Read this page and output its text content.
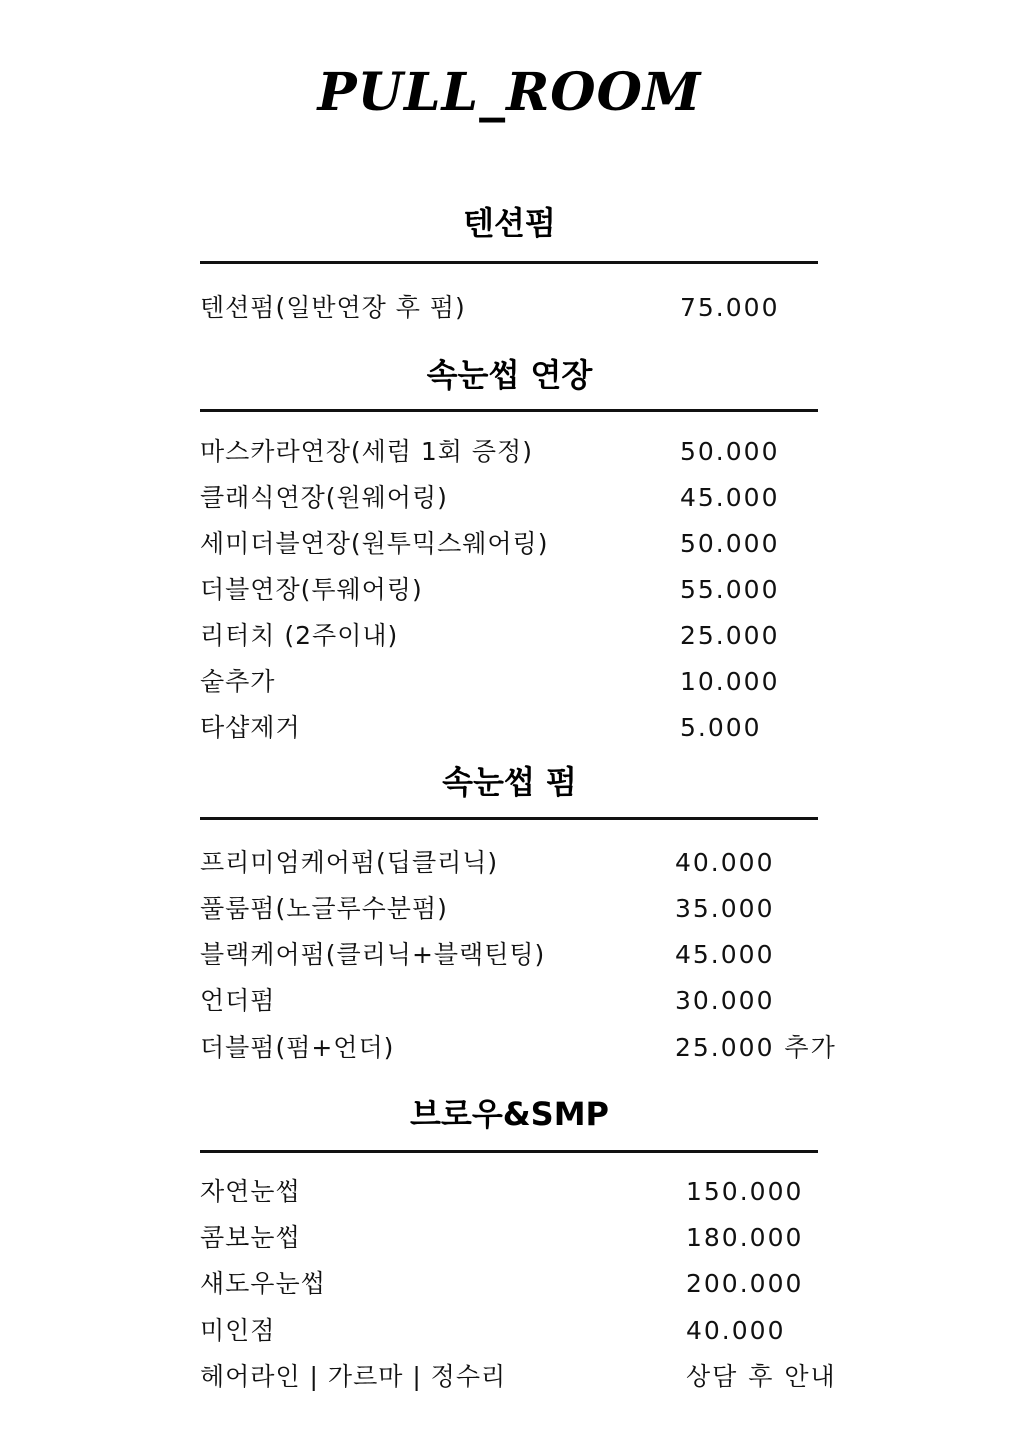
PULL_ROOM
텐션펌
텐션펌(일반연장 후 펌)	75.000
속눈썹 연장
마스카라연장(세럼 1회 증정)	50.000
클래식연장(원웨어링)	45.000
세미더블연장(원투믹스웨어링)	50.000
더블연장(투웨어링)	55.000
리터치 (2주이내)	25.000
숱추가	10.000
타샵제거	5.000
속눈썹 펌
프리미엄케어펌(딥클리닉)	40.000
풀룸펌(노글루수분펌)	35.000
블랙케어펌(클리닉+블랙틴팅)	45.000
언더펌	30.000
더블펌(펌+언더)	25.000 추가
브로우&SMP
자연눈썹	150.000
콤보눈썹	180.000
섀도우눈썹	200.000
미인점	40.000
헤어라인 | 가르마 | 정수리	상담 후 안내
